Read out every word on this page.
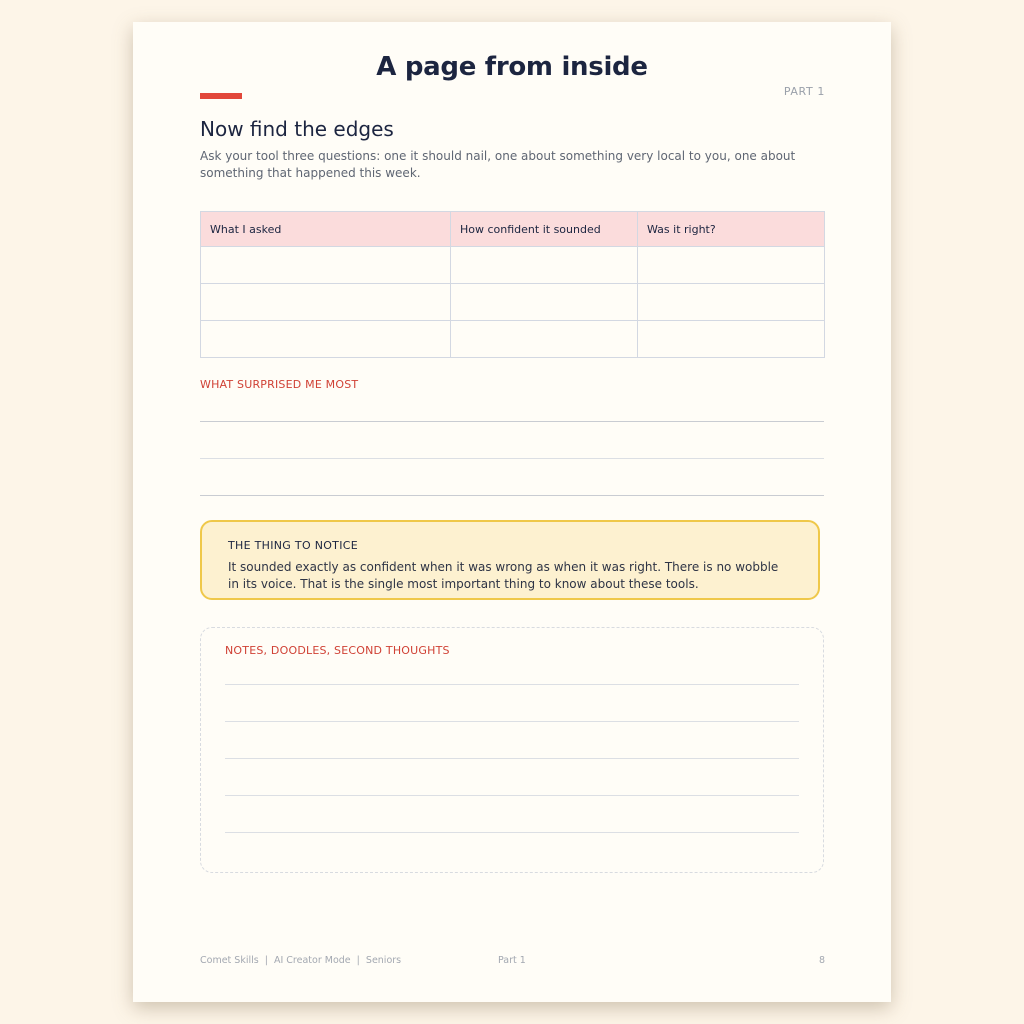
A page from inside
PART 1
Now find the edges
Ask your tool three questions: one it should nail, one about something very local to you, one about something that happened this week.
What I asked	How confident it sounded	Was it right?

WHAT SURPRISED ME MOST
THE THING TO NOTICE
It sounded exactly as confident when it was wrong as when it was right. There is no wobble in its voice. That is the single most important thing to know about these tools.
NOTES, DOODLES, SECOND THOUGHTS
Comet Skills  |  AI Creator Mode  |  Seniors	Part 1	8
